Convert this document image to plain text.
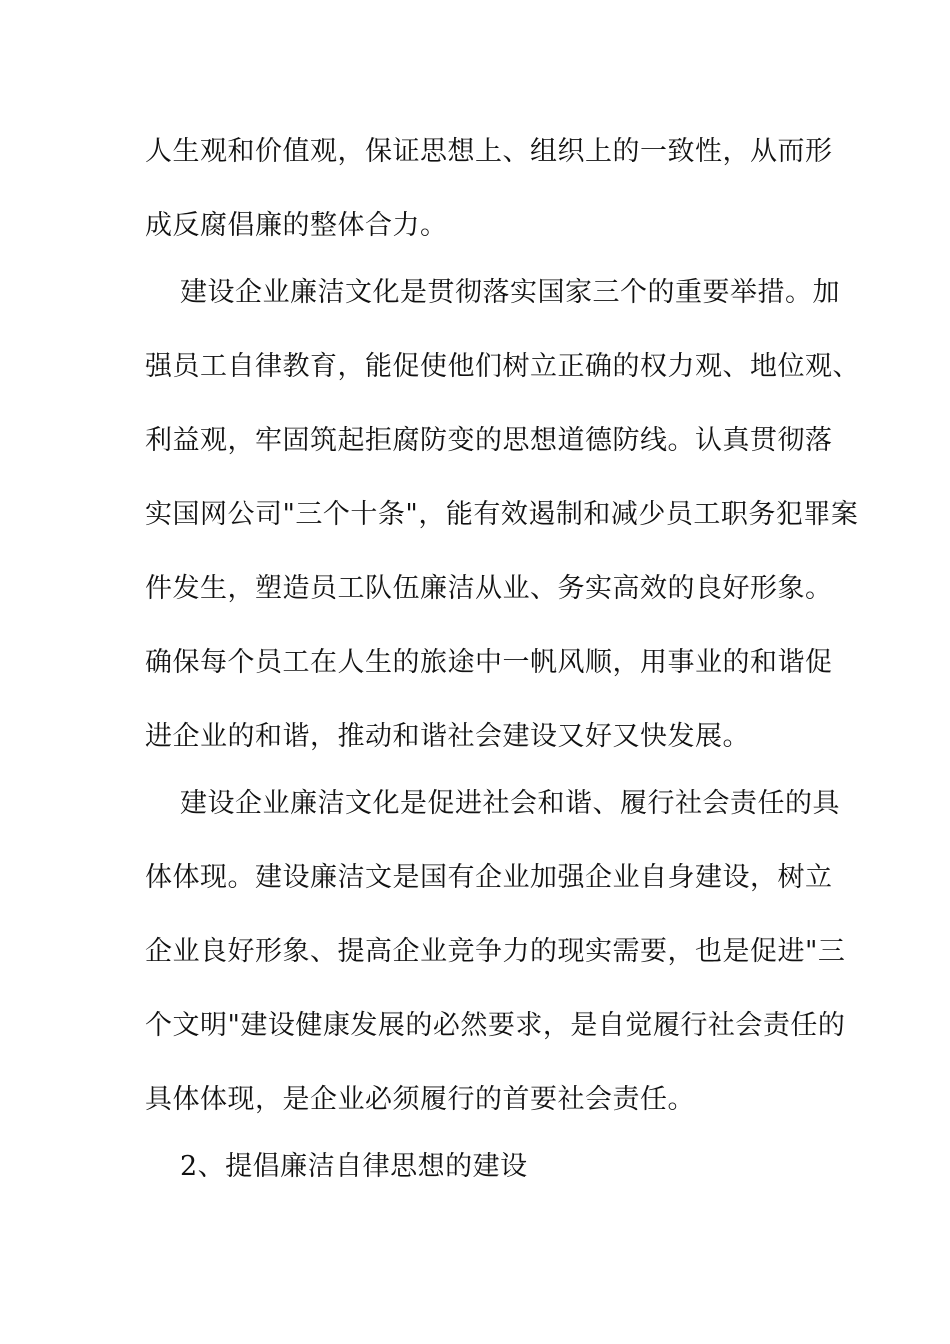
人生观和价值观，保证思想上、组织上的一致性，从而形
成反腐倡廉的整体合力。
建设企业廉洁文化是贯彻落实国家三个的重要举措。加
强员工自律教育，能促使他们树立正确的权力观、地位观、
利益观，牢固筑起拒腐防变的思想道德防线。认真贯彻落
实国网公司"三个十条"，能有效遏制和减少员工职务犯罪案
件发生，塑造员工队伍廉洁从业、务实高效的良好形象。
确保每个员工在人生的旅途中一帆风顺，用事业的和谐促
进企业的和谐，推动和谐社会建设又好又快发展。
建设企业廉洁文化是促进社会和谐、履行社会责任的具
体体现。建设廉洁文是国有企业加强企业自身建设，树立
企业良好形象、提高企业竞争力的现实需要，也是促进"三
个文明"建设健康发展的必然要求，是自觉履行社会责任的
具体体现，是企业必须履行的首要社会责任。
2、提倡廉洁自律思想的建设
